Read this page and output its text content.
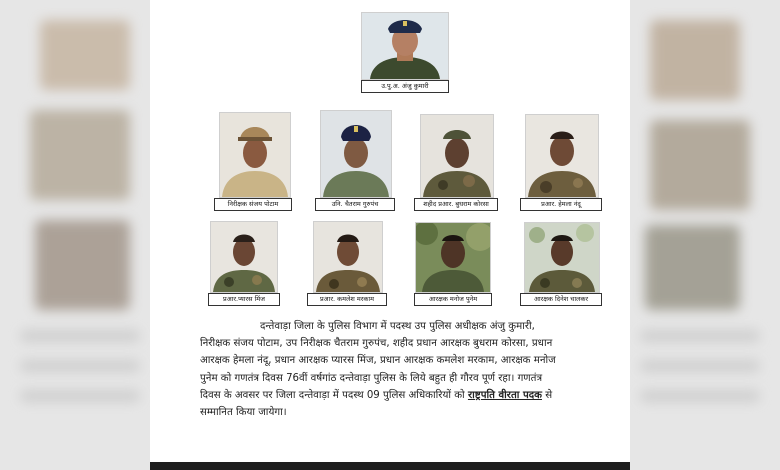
उ.पु.अ. अंजु कुमारी
निरीक्षक संजय पोटाम	उनि. चैतराम गुरुपंच	शहीद प्रआर. बुधराम कोरसा	प्रआर. हेमला नंदू
प्रआर.प्यारस मिंज	प्रआर. कमलेश मरकाम	आरक्षक मनोज पुनेम	आरक्षक दिनेश चालकर
दन्तेवाड़ा जिला के पुलिस विभाग में पदस्थ उप पुलिस अधीक्षक अंजु कुमारी,
निरीक्षक संजय पोटाम, उप निरीक्षक चैतराम गुरुपंच, शहीद प्रधान आरक्षक बुधराम कोरसा, प्रधान
आरक्षक हेमला नंदू, प्रधान आरक्षक प्यारस मिंज, प्रधान आरक्षक कमलेश मरकाम, आरक्षक मनोज
पुनेम को गणतंत्र दिवस 76वीं वर्षगांठ दन्तेवाड़ा पुलिस के लिये बहुत ही गौरव पूर्ण रहा। गणतंत्र
दिवस के अवसर पर जिला दन्तेवाड़ा में पदस्थ 09 पुलिस अधिकारियों को राष्ट्रपति वीरता पदक से
सम्मानित किया जायेगा।
